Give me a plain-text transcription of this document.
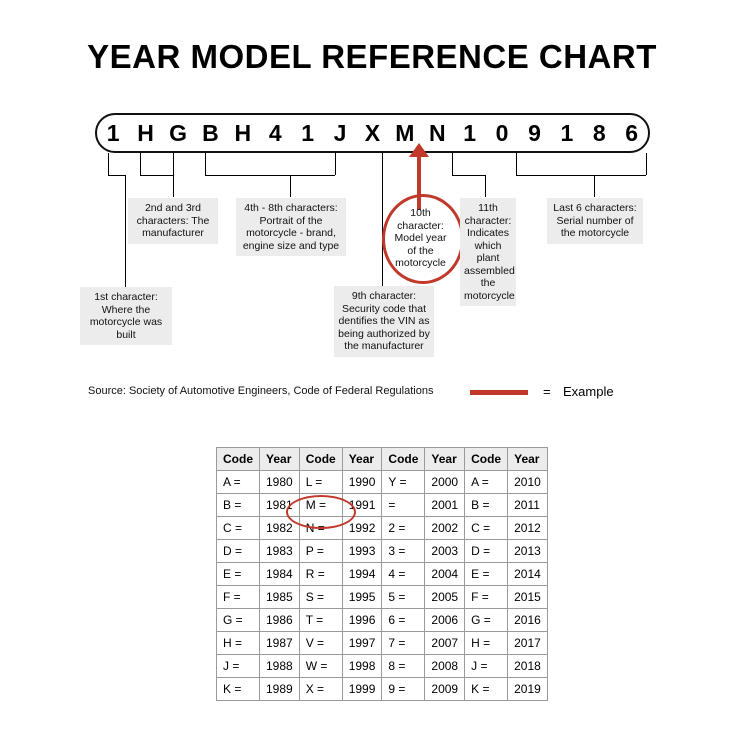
YEAR MODEL REFERENCE CHART
1 H G B H 4 1 J X M N 1 0 9 1 8 6
1st character: Where the motorcycle was built
2nd and 3rd characters: The manufacturer
4th - 8th characters: Portrait of the motorcycle - brand, engine size and type
9th character: Security code that dentifies the VIN as being authorized by the manufacturer
10th character: Model year of the motorcycle
11th character: Indicates which plant assembled the motorcycle
Last 6 characters: Serial number of the motorcycle
Source: Society of Automotive Engineers, Code of Federal Regulations	= Example
Code	Year	Code	Year	Code	Year	Code	Year
A =	1980	L =	1990	Y =	2000	A =	2010
B =	1981	M =	1991	=	2001	B =	2011
C =	1982	N =	1992	2 =	2002	C =	2012
D =	1983	P =	1993	3 =	2003	D =	2013
E =	1984	R =	1994	4 =	2004	E =	2014
F =	1985	S =	1995	5 =	2005	F =	2015
G =	1986	T =	1996	6 =	2006	G =	2016
H =	1987	V =	1997	7 =	2007	H =	2017
J =	1988	W =	1998	8 =	2008	J =	2018
K =	1989	X =	1999	9 =	2009	K =	2019
